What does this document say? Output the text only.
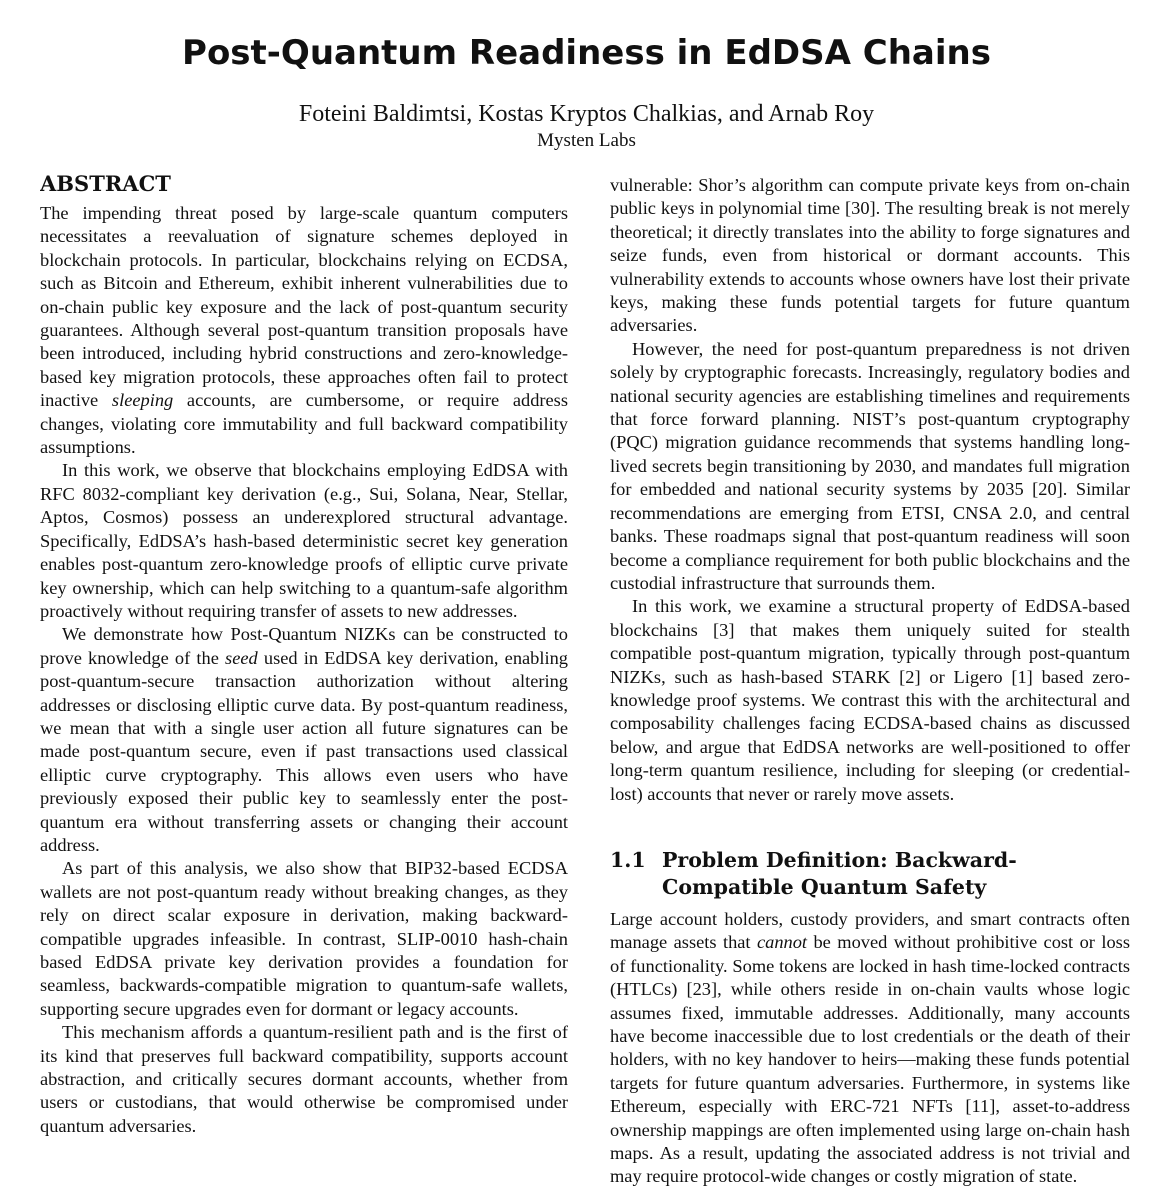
Post-Quantum Readiness in EdDSA Chains
Foteini Baldimtsi, Kostas Kryptos Chalkias, and Arnab Roy
Mysten Labs
ABSTRACT

The impending threat posed by large-scale quantum computers necessitates a reevaluation of signature schemes deployed in blockchain protocols. In particular, blockchains relying on ECDSA, such as Bitcoin and Ethereum, exhibit inherent vulnerabilities due to on-chain public key exposure and the lack of post-quantum security guarantees. Although several post-quantum transition proposals have been introduced, including hybrid constructions and zero-knowledge-based key migration protocols, these approaches often fail to protect inactive sleeping accounts, are cumbersome, or require address changes, violating core immutability and full backward compatibility assumptions.

In this work, we observe that blockchains employing EdDSA with RFC 8032-compliant key derivation (e.g., Sui, Solana, Near, Stellar, Aptos, Cosmos) possess an underexplored structural advantage. Specifically, EdDSA’s hash-based deterministic secret key generation enables post-quantum zero-knowledge proofs of elliptic curve private key ownership, which can help switching to a quantum-safe algorithm proactively without requiring transfer of assets to new addresses.

We demonstrate how Post-Quantum NIZKs can be constructed to prove knowledge of the seed used in EdDSA key derivation, enabling post-quantum-secure transaction authorization without altering addresses or disclosing elliptic curve data. By post-quantum readiness, we mean that with a single user action all future signatures can be made post-quantum secure, even if past transactions used classical elliptic curve cryptography. This allows even users who have previously exposed their public key to seamlessly enter the post-quantum era without transferring assets or changing their account address.

As part of this analysis, we also show that BIP32-based ECDSA wallets are not post-quantum ready without breaking changes, as they rely on direct scalar exposure in derivation, making backward-compatible upgrades infeasible. In contrast, SLIP-0010 hash-chain based EdDSA private key derivation provides a foundation for seamless, backwards-compatible migration to quantum-safe wallets, supporting secure upgrades even for dormant or legacy accounts.

This mechanism affords a quantum-resilient path and is the first of its kind that preserves full backward compatibility, supports account abstraction, and critically secures dormant accounts, whether from users or custodians, that would otherwise be compromised under quantum adversaries.

vulnerable: Shor’s algorithm can compute private keys from on-chain public keys in polynomial time [30]. The resulting break is not merely theoretical; it directly translates into the ability to forge signatures and seize funds, even from historical or dormant accounts. This vulnerability extends to accounts whose owners have lost their private keys, making these funds potential targets for future quantum adversaries.

However, the need for post-quantum preparedness is not driven solely by cryptographic forecasts. Increasingly, regulatory bodies and national security agencies are establishing timelines and requirements that force forward planning. NIST’s post-quantum cryptography (PQC) migration guidance recommends that systems handling long-lived secrets begin transitioning by 2030, and mandates full migration for embedded and national security systems by 2035 [20]. Similar recommendations are emerging from ETSI, CNSA 2.0, and central banks. These roadmaps signal that post-quantum readiness will soon become a compliance requirement for both public blockchains and the custodial infrastructure that surrounds them.

In this work, we examine a structural property of EdDSA-based blockchains [3] that makes them uniquely suited for stealth compatible post-quantum migration, typically through post-quantum NIZKs, such as hash-based STARK [2] or Ligero [1] based zero-knowledge proof systems. We contrast this with the architectural and composability challenges facing ECDSA-based chains as discussed below, and argue that EdDSA networks are well-positioned to offer long-term quantum resilience, including for sleeping (or credential-lost) accounts that never or rarely move assets.

1.1 Problem Definition: Backward-Compatible Quantum Safety

Large account holders, custody providers, and smart contracts often manage assets that cannot be moved without prohibitive cost or loss of functionality. Some tokens are locked in hash time-locked contracts (HTLCs) [23], while others reside in on-chain vaults whose logic assumes fixed, immutable addresses. Additionally, many accounts have become inaccessible due to lost credentials or the death of their holders, with no key handover to heirs—making these funds potential targets for future quantum adversaries. Furthermore, in systems like Ethereum, especially with ERC-721 NFTs [11], asset-to-address ownership mappings are often implemented using large on-chain hash maps. As a result, updating the associated address is not trivial and may require protocol-wide changes or costly migration of state.
